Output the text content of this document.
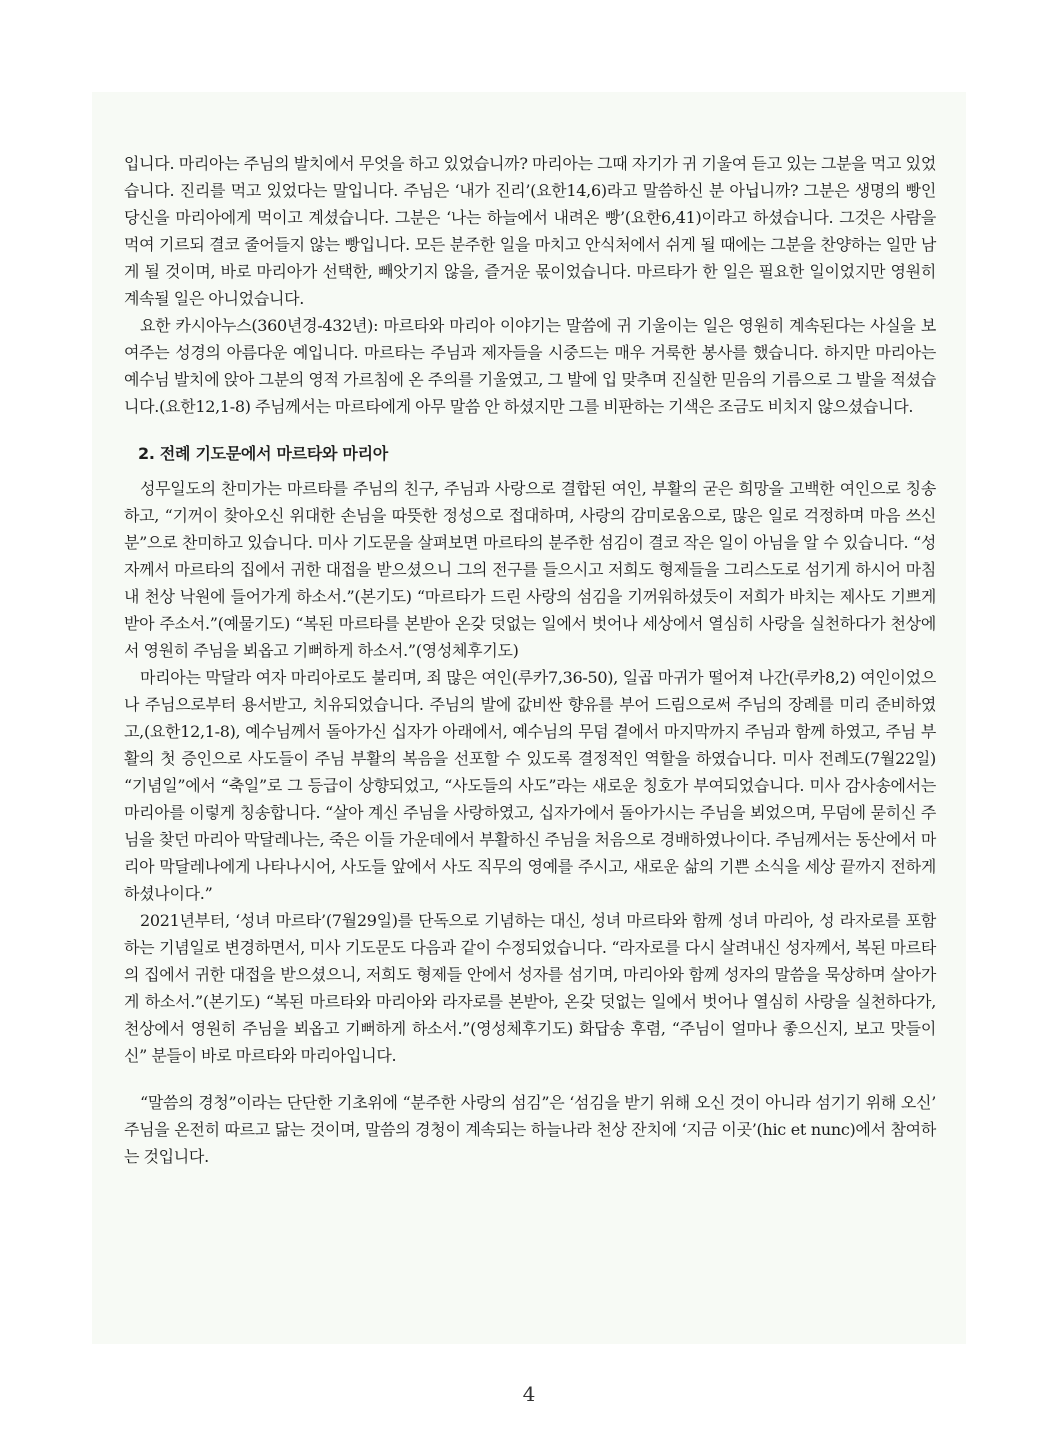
입니다. 마리아는 주님의 발치에서 무엇을 하고 있었습니까? 마리아는 그때 자기가 귀 기울여 듣고 있는 그분을 먹고 있었습니다. 진리를 먹고 있었다는 말입니다. 주님은 ‘내가 진리’(요한14,6)라고 말씀하신 분 아닙니까? 그분은 생명의 빵인 당신을 마리아에게 먹이고 계셨습니다. 그분은 ‘나는 하늘에서 내려온 빵’(요한6,41)이라고 하셨습니다. 그것은 사람을 먹여 기르되 결코 줄어들지 않는 빵입니다. 모든 분주한 일을 마치고 안식처에서 쉬게 될 때에는 그분을 찬양하는 일만 남게 될 것이며, 바로 마리아가 선택한, 빼앗기지 않을, 즐거운 몫이었습니다. 마르타가 한 일은 필요한 일이었지만 영원히 계속될 일은 아니었습니다.

요한 카시아누스(360년경-432년): 마르타와 마리아 이야기는 말씀에 귀 기울이는 일은 영원히 계속된다는 사실을 보여주는 성경의 아름다운 예입니다. 마르타는 주님과 제자들을 시중드는 매우 거룩한 봉사를 했습니다. 하지만 마리아는 예수님 발치에 앉아 그분의 영적 가르침에 온 주의를 기울였고, 그 발에 입 맞추며 진실한 믿음의 기름으로 그 발을 적셨습니다.(요한12,1-8) 주님께서는 마르타에게 아무 말씀 안 하셨지만 그를 비판하는 기색은 조금도 비치지 않으셨습니다.

2. 전례 기도문에서 마르타와 마리아

성무일도의 찬미가는 마르타를 주님의 친구, 주님과 사랑으로 결합된 여인, 부활의 굳은 희망을 고백한 여인으로 칭송하고, “기꺼이 찾아오신 위대한 손님을 따뜻한 정성으로 접대하며, 사랑의 감미로움으로, 많은 일로 걱정하며 마음 쓰신 분”으로 찬미하고 있습니다. 미사 기도문을 살펴보면 마르타의 분주한 섬김이 결코 작은 일이 아님을 알 수 있습니다. “성자께서 마르타의 집에서 귀한 대접을 받으셨으니 그의 전구를 들으시고 저희도 형제들을 그리스도로 섬기게 하시어 마침내 천상 낙원에 들어가게 하소서.”(본기도) “마르타가 드린 사랑의 섬김을 기꺼워하셨듯이 저희가 바치는 제사도 기쁘게 받아 주소서.”(예물기도) “복된 마르타를 본받아 온갖 덧없는 일에서 벗어나 세상에서 열심히 사랑을 실천하다가 천상에서 영원히 주님을 뵈옵고 기뻐하게 하소서.”(영성체후기도)

마리아는 막달라 여자 마리아로도 불리며, 죄 많은 여인(루카7,36-50), 일곱 마귀가 떨어져 나간(루카8,2) 여인이었으나 주님으로부터 용서받고, 치유되었습니다. 주님의 발에 값비싼 향유를 부어 드림으로써 주님의 장례를 미리 준비하였고,(요한12,1-8), 예수님께서 돌아가신 십자가 아래에서, 예수님의 무덤 곁에서 마지막까지 주님과 함께 하였고, 주님 부활의 첫 증인으로 사도들이 주님 부활의 복음을 선포할 수 있도록 결정적인 역할을 하였습니다. 미사 전례도(7월22일) “기념일”에서 “축일”로 그 등급이 상향되었고, “사도들의 사도”라는 새로운 칭호가 부여되었습니다. 미사 감사송에서는 마리아를 이렇게 칭송합니다. “살아 계신 주님을 사랑하였고, 십자가에서 돌아가시는 주님을 뵈었으며, 무덤에 묻히신 주님을 찾던 마리아 막달레나는, 죽은 이들 가운데에서 부활하신 주님을 처음으로 경배하였나이다. 주님께서는 동산에서 마리아 막달레나에게 나타나시어, 사도들 앞에서 사도 직무의 영예를 주시고, 새로운 삶의 기쁜 소식을 세상 끝까지 전하게 하셨나이다.”

2021년부터, ‘성녀 마르타’(7월29일)를 단독으로 기념하는 대신, 성녀 마르타와 함께 성녀 마리아, 성 라자로를 포함하는 기념일로 변경하면서, 미사 기도문도 다음과 같이 수정되었습니다. “라자로를 다시 살려내신 성자께서, 복된 마르타의 집에서 귀한 대접을 받으셨으니, 저희도 형제들 안에서 성자를 섬기며, 마리아와 함께 성자의 말씀을 묵상하며 살아가게 하소서.”(본기도) “복된 마르타와 마리아와 라자로를 본받아, 온갖 덧없는 일에서 벗어나 열심히 사랑을 실천하다가, 천상에서 영원히 주님을 뵈옵고 기뻐하게 하소서.”(영성체후기도) 화답송 후렴, “주님이 얼마나 좋으신지, 보고 맛들이신” 분들이 바로 마르타와 마리아입니다.

“말씀의 경청”이라는 단단한 기초위에 “분주한 사랑의 섬김”은 ‘섬김을 받기 위해 오신 것이 아니라 섬기기 위해 오신’ 주님을 온전히 따르고 닮는 것이며, 말씀의 경청이 계속되는 하늘나라 천상 잔치에 ‘지금 이곳’(hic et nunc)에서 참여하는 것입니다.

4
